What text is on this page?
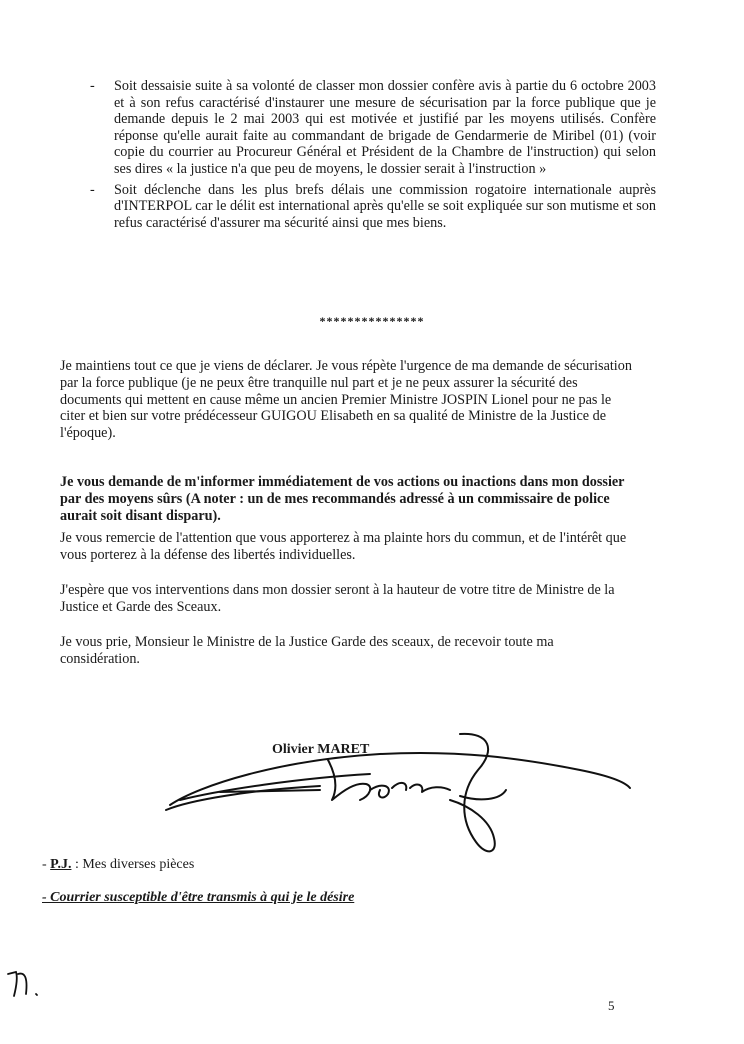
- Soit dessaisie suite à sa volonté de classer mon dossier confère avis à partie du 6 octobre 2003 et à son refus caractérisé d'instaurer une mesure de sécurisation par la force publique que je demande depuis le 2 mai 2003 qui est motivée et justifié par les moyens utilisés. Confère réponse qu'elle aurait faite au commandant de brigade de Gendarmerie de Miribel (01) (voir copie du courrier au Procureur Général et Président de la Chambre de l'instruction) qui selon ses dires « la justice n'a que peu de moyens, le dossier serait à l'instruction »
- Soit déclenche dans les plus brefs délais une commission rogatoire internationale auprès d'INTERPOL car le délit est international après qu'elle se soit expliquée sur son mutisme et son refus caractérisé d'assurer ma sécurité ainsi que mes biens.
***************

Je maintiens tout ce que je viens de déclarer. Je vous répète l'urgence de ma demande de sécurisation par la force publique (je ne peux être tranquille nul part et je ne peux assurer la sécurité des documents qui mettent en cause même un ancien Premier Ministre JOSPIN Lionel pour ne pas le citer et bien sur votre prédécesseur GUIGOU Elisabeth en sa qualité de Ministre de la Justice de l'époque).

Je vous demande de m'informer immédiatement de vos actions ou inactions dans mon dossier par des moyens sûrs (A noter : un de mes recommandés adressé à un commissaire de police aurait soit disant disparu).

Je vous remercie de l'attention que vous apporterez à ma plainte hors du commun, et de l'intérêt que vous porterez à la défense des libertés individuelles.

J'espère que vos interventions dans mon dossier seront à la hauteur de votre titre de Ministre de la Justice et Garde des Sceaux.

Je vous prie, Monsieur le Ministre de la Justice Garde des sceaux, de recevoir toute ma considération.

Olivier MARET
- P.J. : Mes diverses pièces
- Courrier susceptible d'être transmis à qui je le désire
5
